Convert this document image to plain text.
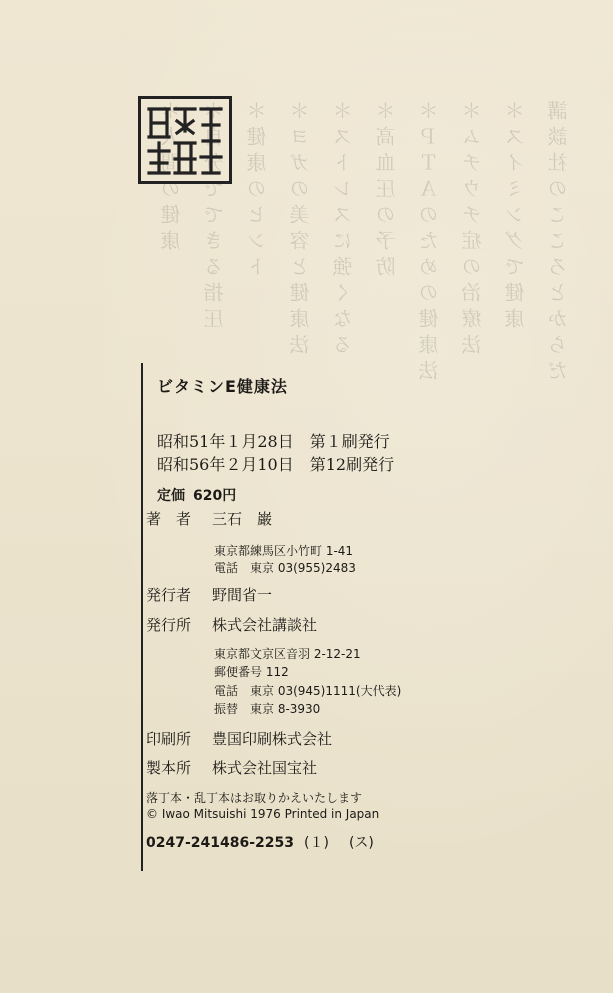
講談社のこころとからだ
＊スイミングで健康
＊ムチウチ症の治療法
＊ＰＴＡのための健康法
＊高血圧の予防
＊ストレスに強くなる
＊ヨガの美容と健康法
＊健康のヒント
＊自分でできる指圧
＊人間の健康
ビタミンE健康法
昭和51年１月28日 第１刷発行
昭和56年２月10日 第12刷発行
定価 620円
著　者 三石　巌
東京都練馬区小竹町 1-41
電話 東京 03(955)2483
発行者 野間省一
発行所 株式会社講談社
東京都文京区音羽 2-12-21
郵便番号 112
電話 東京 03(945)1111(大代表)
振替 東京 8-3930
印刷所 豊国印刷株式会社
製本所 株式会社国宝社
落丁本・乱丁本はお取りかえいたします
© Iwao Mitsuishi 1976 Printed in Japan
0247-241486-2253 (１) (ス)
